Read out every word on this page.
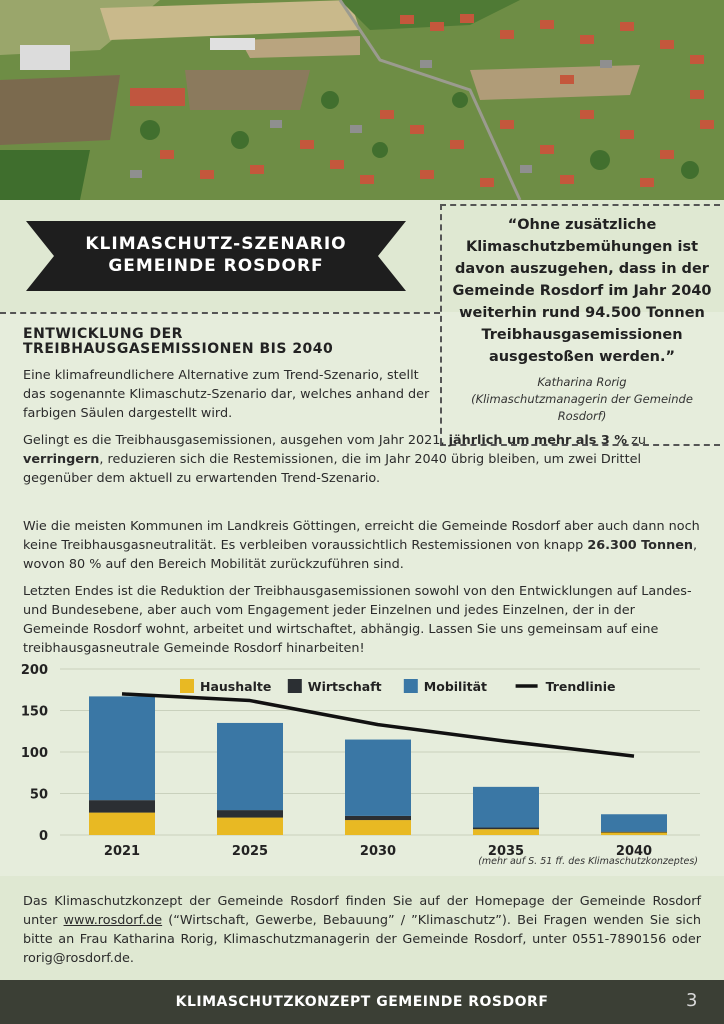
KLIMASCHUTZ-SZENARIO
GEMEINDE ROSDORF

“Ohne zusätzliche Klimaschutzbemühungen ist davon auszugehen, dass in der Gemeinde Rosdorf im Jahr 2040 weiterhin rund 94.500 Tonnen Treibhausgasemissionen ausgestoßen werden.”

Katharina Rorig
(Klimaschutzmanagerin der Gemeinde Rosdorf)
ENTWICKLUNG DER
TREIBHAUSGASEMISSIONEN BIS 2040

Eine klimafreundlichere Alternative zum Trend-Szenario, stellt das sogenannte Klimaschutz-Szenario dar, welches anhand der farbigen Säulen dargestellt wird.

Gelingt es die Treibhausgasemissionen, ausgehen vom Jahr 2021, jährlich um mehr als 3 % zu verringern, reduzieren sich die Restemissionen, die im Jahr 2040 übrig bleiben, um zwei Drittel gegenüber dem aktuell zu erwartenden Trend-Szenario.

Wie die meisten Kommunen im Landkreis Göttingen, erreicht die Gemeinde Rosdorf aber auch dann noch keine Treibhausgasneutralität. Es verbleiben voraussichtlich Restemissionen von knapp 26.300 Tonnen, wovon 80 % auf den Bereich Mobilität zurückzuführen sind.

Letzten Endes ist die Reduktion der Treibhausgasemissionen sowohl von den Entwicklungen auf Landes- und Bundesebene, aber auch vom Engagement jeder Einzelnen und jedes Einzelnen, der in der Gemeinde Rosdorf wohnt, arbeitet und wirtschaftet, abhängig. Lassen Sie uns gemeinsam auf eine treibhausgasneutrale Gemeinde Rosdorf hinarbeiten!

0
50
100
150
200
2021	2025	2030	2035	2040
Haushalte	Wirtschaft	Mobilität	Trendlinie
(mehr auf S. 51 ff. des Klimaschutzkonzeptes)

Das Klimaschutzkonzept der Gemeinde Rosdorf finden Sie auf der Homepage der Gemeinde Rosdorf unter www.rosdorf.de (“Wirtschaft, Gewerbe, Bebauung” / ”Klimaschutz”). Bei Fragen wenden Sie sich bitte an Frau Katharina Rorig, Klimaschutzmanagerin der Gemeinde Rosdorf, unter 0551-7890156 oder rorig@rosdorf.de.

KLIMASCHUTZKONZEPT GEMEINDE ROSDORF	3
